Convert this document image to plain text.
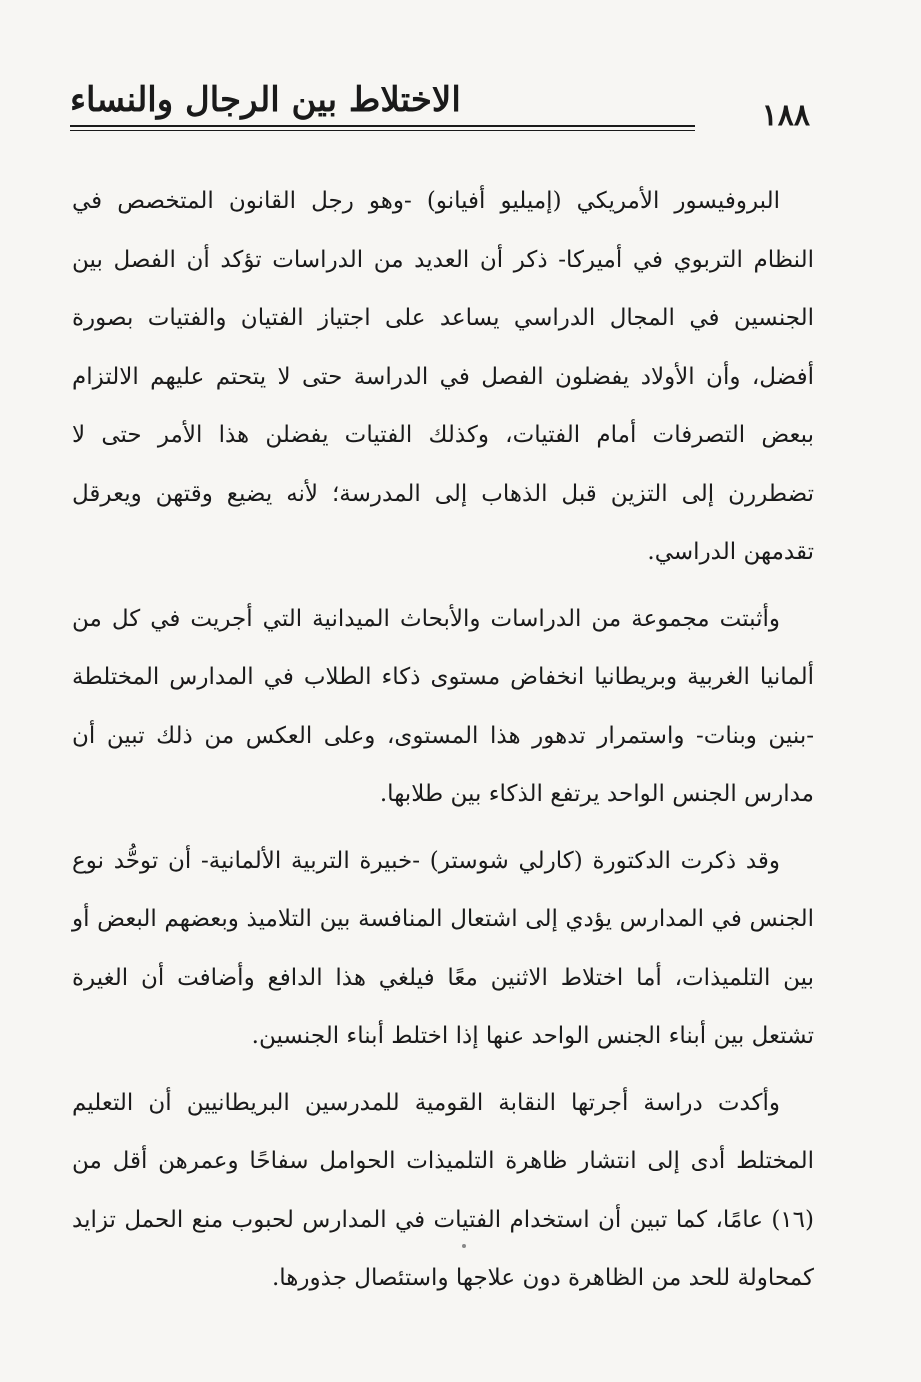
الاختلاط بين الرجال والنساء	١٨٨

البروفيسور الأمريكي (إميليو أفيانو) -وهو رجل القانون المتخصص في النظام التربوي في أميركا- ذكر أن العديد من الدراسات تؤكد أن الفصل بين الجنسين في المجال الدراسي يساعد على اجتياز الفتيان والفتيات بصورة أفضل، وأن الأولاد يفضلون الفصل في الدراسة حتى لا يتحتم عليهم الالتزام ببعض التصرفات أمام الفتيات، وكذلك الفتيات يفضلن هذا الأمر حتى لا تضطررن إلى التزين قبل الذهاب إلى المدرسة؛ لأنه يضيع وقتهن ويعرقل تقدمهن الدراسي.

وأثبتت مجموعة من الدراسات والأبحاث الميدانية التي أجريت في كل من ألمانيا الغربية وبريطانيا انخفاض مستوى ذكاء الطلاب في المدارس المختلطة -بنين وبنات- واستمرار تدهور هذا المستوى، وعلى العكس من ذلك تبين أن مدارس الجنس الواحد يرتفع الذكاء بين طلابها.

وقد ذكرت الدكتورة (كارلي شوستر) -خبيرة التربية الألمانية- أن توحُّد نوع الجنس في المدارس يؤدي إلى اشتعال المنافسة بين التلاميذ وبعضهم البعض أو بين التلميذات، أما اختلاط الاثنين معًا فيلغي هذا الدافع وأضافت أن الغيرة تشتعل بين أبناء الجنس الواحد عنها إذا اختلط أبناء الجنسين.

وأكدت دراسة أجرتها النقابة القومية للمدرسين البريطانيين أن التعليم المختلط أدى إلى انتشار ظاهرة التلميذات الحوامل سفاحًا وعمرهن أقل من (١٦) عامًا، كما تبين أن استخدام الفتيات في المدارس لحبوب منع الحمل تزايد كمحاولة للحد من الظاهرة دون علاجها واستئصال جذورها.
